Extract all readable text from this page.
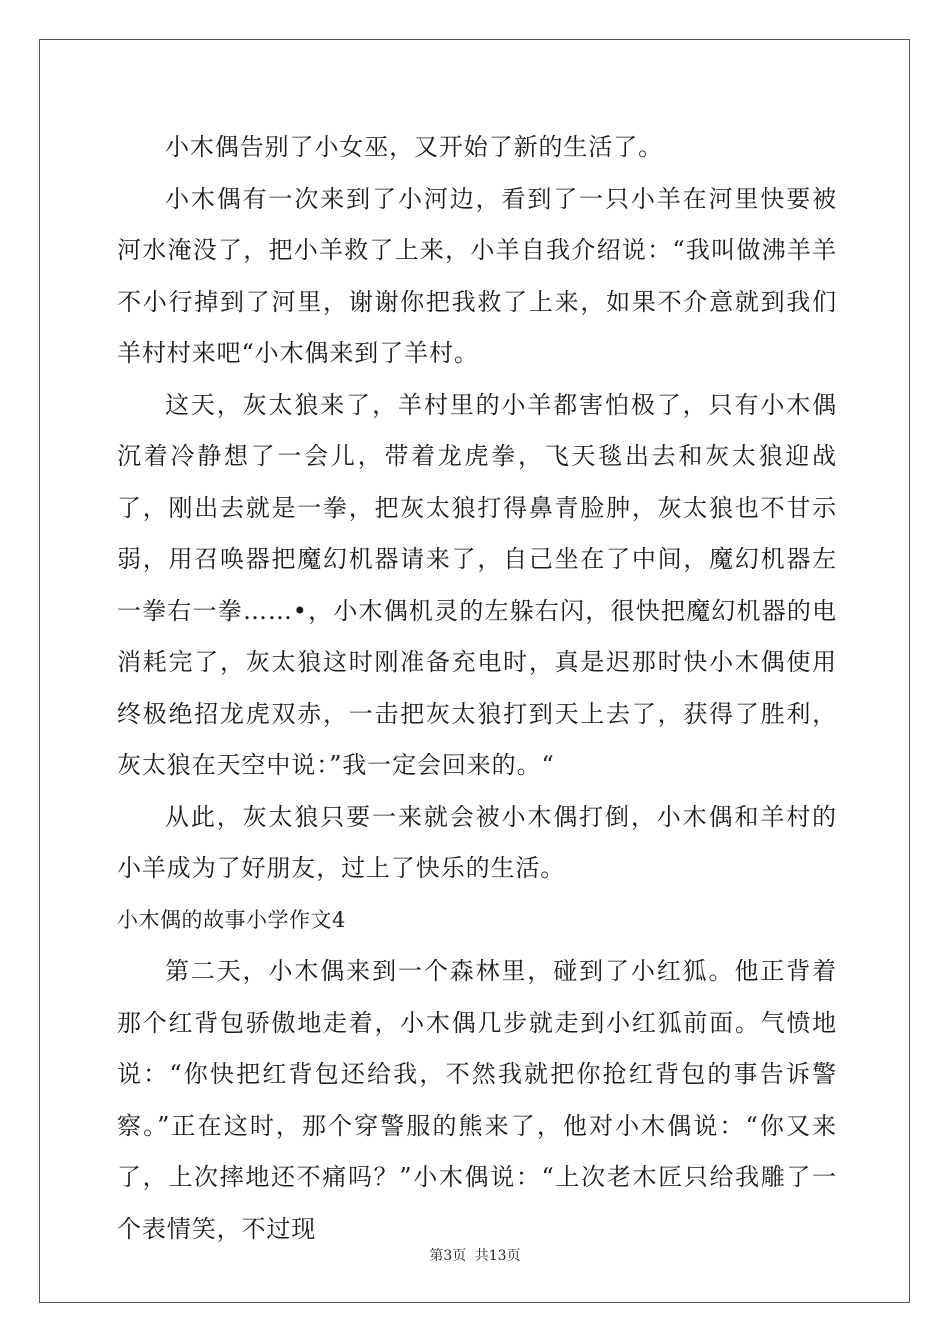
小木偶告别了小女巫，又开始了新的生活了。

小木偶有一次来到了小河边，看到了一只小羊在河里快要被河水淹没了，把小羊救了上来，小羊自我介绍说：“我叫做沸羊羊不小行掉到了河里，谢谢你把我救了上来，如果不介意就到我们羊村村来吧“小木偶来到了羊村。

这天，灰太狼来了，羊村里的小羊都害怕极了，只有小木偶沉着冷静想了一会儿，带着龙虎拳，飞天毯出去和灰太狼迎战了，刚出去就是一拳，把灰太狼打得鼻青脸肿，灰太狼也不甘示弱，用召唤器把魔幻机器请来了，自己坐在了中间，魔幻机器左一拳右一拳……•，小木偶机灵的左躲右闪，很快把魔幻机器的电消耗完了，灰太狼这时刚准备充电时，真是迟那时快小木偶使用终极绝招龙虎双赤，一击把灰太狼打到天上去了，获得了胜利，灰太狼在天空中说：”我一定会回来的。“

从此，灰太狼只要一来就会被小木偶打倒，小木偶和羊村的小羊成为了好朋友，过上了快乐的生活。

小木偶的故事小学作文4

第二天，小木偶来到一个森林里，碰到了小红狐。他正背着那个红背包骄傲地走着，小木偶几步就走到小红狐前面。气愤地说：“你快把红背包还给我，不然我就把你抢红背包的事告诉警察。”正在这时，那个穿警服的熊来了，他对小木偶说：“你又来了，上次摔地还不痛吗？”小木偶说：“上次老木匠只给我雕了一个表情笑，不过现

第3页 共13页
